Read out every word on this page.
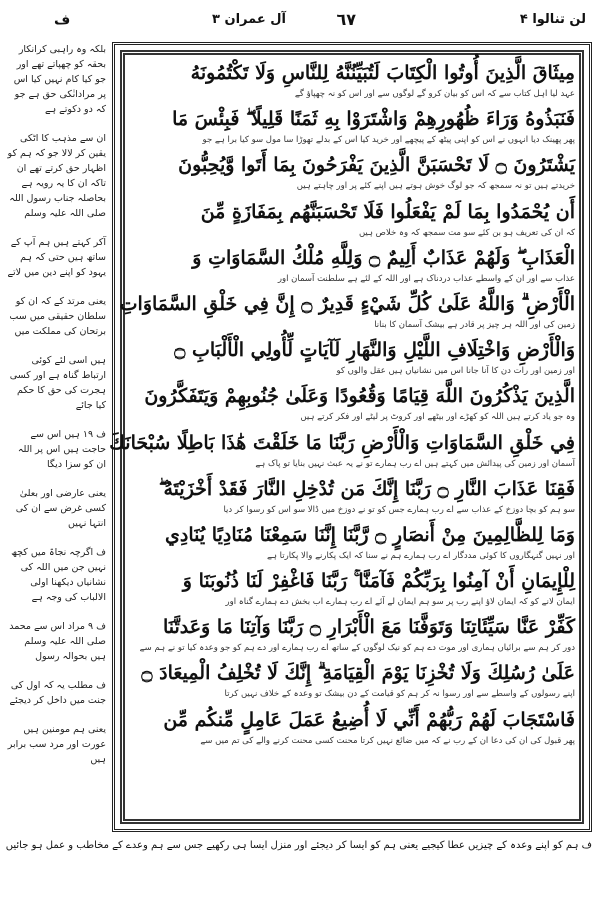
لن تنالوا ۴
٦٧
آل عمران ٣
ف

بلکہ وہ راہبی کرانکار بحقہ کو چھپاتے تھے اور جو کیا کام نہیں کیا اس پر مرادانٰکی حق ہے جو کہ دو دکوتے ہے

ان سے مذہب کا اٹکی یقین کر لالا جو کہ ہم کو اظہار حق کرتے تھے ان تاکہ ان کا یہ رویہ ہے بحاصلہ جناب رسول اللہ صلی اللہ علیہ وسلم

آکر کہتے ہیں ہم آپ کے ساتھ ہیں حتی کہ ہم یہود کو اپنے دین میں لاتے

یعنی مرتد کے کہ ان کو سلطان حقیقی میں سب برتحان کی مملکت میں

ہیں اسی لئے کوئی ارتباط گناہ ہے اور کسی ہجرت کی حق کا حکم کیا جائے

ف ۱۹ ہیں اس سے حاجت ہیں اس پر اللہ ان کو سزا دیگا

یعنی عارضی اور بعلیٰ کسی غرض سے ان کی انتہا نہیں

ف اگرچہ نجاۃ میں کچھ نہیں جن میں اللہ کی نشانیاں دیکھنا اولی الالباب کی وجہ ہے

ف ۹ مراد اس سے محمد صلی اللہ علیہ وسلم ہیں بحوالہ رسول

ف مطلب یہ کہ اول کی جنت میں داخل کر دیجئے

یعنی ہم مومنین ہیں عورت اور مرد سب برابر ہیں

مِيثَاقَ الَّذِينَ أُوتُوا الْكِتَابَ لَتُبَيِّنُنَّهُ لِلنَّاسِ وَلَا تَكْتُمُونَهُ
عہد لیا اہل کتاب سے کہ اس کو بیان کرو گے لوگوں سے اور اس کو نہ چھپاؤ گے
فَنَبَذُوهُ وَرَاءَ ظُهُورِهِمْ وَاشْتَرَوْا بِهِ ثَمَنًا قَلِيلًا ۖ فَبِئْسَ مَا
پھر پھینک دیا انہوں نے اس کو اپنی پیٹھ کے پیچھے اور خرید کیا اس کے بدلے تھوڑا سا مول سو کیا برا ہے جو
يَشْتَرُونَ ۝ لَا تَحْسَبَنَّ الَّذِينَ يَفْرَحُونَ بِمَا أَتَوا وَّيُحِبُّونَ
خریدتے ہیں تو نہ سمجھ کہ جو لوگ خوش ہوتے ہیں اپنے کئے پر اور چاہتے ہیں
أَن يُحْمَدُوا بِمَا لَمْ يَفْعَلُوا فَلَا تَحْسَبَنَّهُم بِمَفَازَةٍ مِّنَ
کہ ان کی تعریف ہو بن کئے سو مت سمجھ کہ وہ خلاص ہیں
الْعَذَابِ ۖ وَلَهُمْ عَذَابٌ أَلِيمٌ ۝ وَلِلَّهِ مُلْكُ السَّمَاوَاتِ وَ
عذاب سے اور ان کے واسطے عذاب دردناک ہے اور اللہ کے لئے ہے سلطنت آسمان اور
الْأَرْضِ ۗ وَاللَّهُ عَلَىٰ كُلِّ شَيْءٍ قَدِيرٌ ۝ إِنَّ فِي خَلْقِ السَّمَاوَاتِ
زمین کی اور اللہ ہر چیز پر قادر ہے بیشک آسمان کا بنانا
وَالْأَرْضِ وَاخْتِلَافِ اللَّيْلِ وَالنَّهَارِ لَآيَاتٍ لِّأُولِي الْأَلْبَابِ ۝
اور زمین اور رات دن کا آنا جانا اس میں نشانیاں ہیں عقل والوں کو
الَّذِينَ يَذْكُرُونَ اللَّهَ قِيَامًا وَقُعُودًا وَعَلَىٰ جُنُوبِهِمْ وَيَتَفَكَّرُونَ
وہ جو یاد کرتے ہیں اللہ کو کھڑے اور بیٹھے اور کروٹ پر لیٹے اور فکر کرتے ہیں
فِي خَلْقِ السَّمَاوَاتِ وَالْأَرْضِ رَبَّنَا مَا خَلَقْتَ هَٰذَا بَاطِلًا سُبْحَانَكَ
آسمان اور زمین کی پیدائش میں کہتے ہیں اے رب ہمارے تو نے یہ عبث نہیں بنایا تو پاک ہے
فَقِنَا عَذَابَ النَّارِ ۝ رَبَّنَا إِنَّكَ مَن تُدْخِلِ النَّارَ فَقَدْ أَخْزَيْتَهُ ۖ
سو ہم کو بچا دوزخ کے عذاب سے اے رب ہمارے جس کو تو نے دوزخ میں ڈالا سو اس کو رسوا کر دیا
وَمَا لِلظَّالِمِينَ مِنْ أَنصَارٍ ۝ رَّبَّنَا إِنَّنَا سَمِعْنَا مُنَادِيًا يُنَادِي
اور نہیں گنہگاروں کا کوئی مددگار اے رب ہمارے ہم نے سنا کہ ایک پکارنے والا پکارتا ہے
لِلْإِيمَانِ أَنْ آمِنُوا بِرَبِّكُمْ فَآمَنَّا ۚ رَبَّنَا فَاغْفِرْ لَنَا ذُنُوبَنَا وَ
ایمان لانے کو کہ ایمان لاؤ اپنے رب پر سو ہم ایمان لے آئے اے رب ہمارے اب بخش دے ہمارے گناہ اور
كَفِّرْ عَنَّا سَيِّئَاتِنَا وَتَوَفَّنَا مَعَ الْأَبْرَارِ ۝ رَبَّنَا وَآتِنَا مَا وَعَدتَّنَا
دور کر ہم سے برائیاں ہماری اور موت دے ہم کو نیک لوگوں کے ساتھ اے رب ہمارے اور دے ہم کو جو وعدہ کیا تو نے ہم سے
عَلَىٰ رُسُلِكَ وَلَا تُخْزِنَا يَوْمَ الْقِيَامَةِ ۗ إِنَّكَ لَا تُخْلِفُ الْمِيعَادَ ۝
اپنے رسولوں کے واسطے سے اور رسوا نہ کر ہم کو قیامت کے دن بیشک تو وعدہ کے خلاف نہیں کرتا
فَاسْتَجَابَ لَهُمْ رَبُّهُمْ أَنِّي لَا أُضِيعُ عَمَلَ عَامِلٍ مِّنكُم مِّن
پھر قبول کی ان کی دعا ان کے رب نے کہ میں ضائع نہیں کرتا محنت کسی محنت کرنے والے کی تم میں سے
ف ہم کو اپنے وعدہ کے چیزیں عطا کیجیے یعنی ہم کو ایسا کر دیجئے اور منزل ایسا ہی رکھیے جس سے ہم وعدے کے مخاطب و عمل ہو جائیں
